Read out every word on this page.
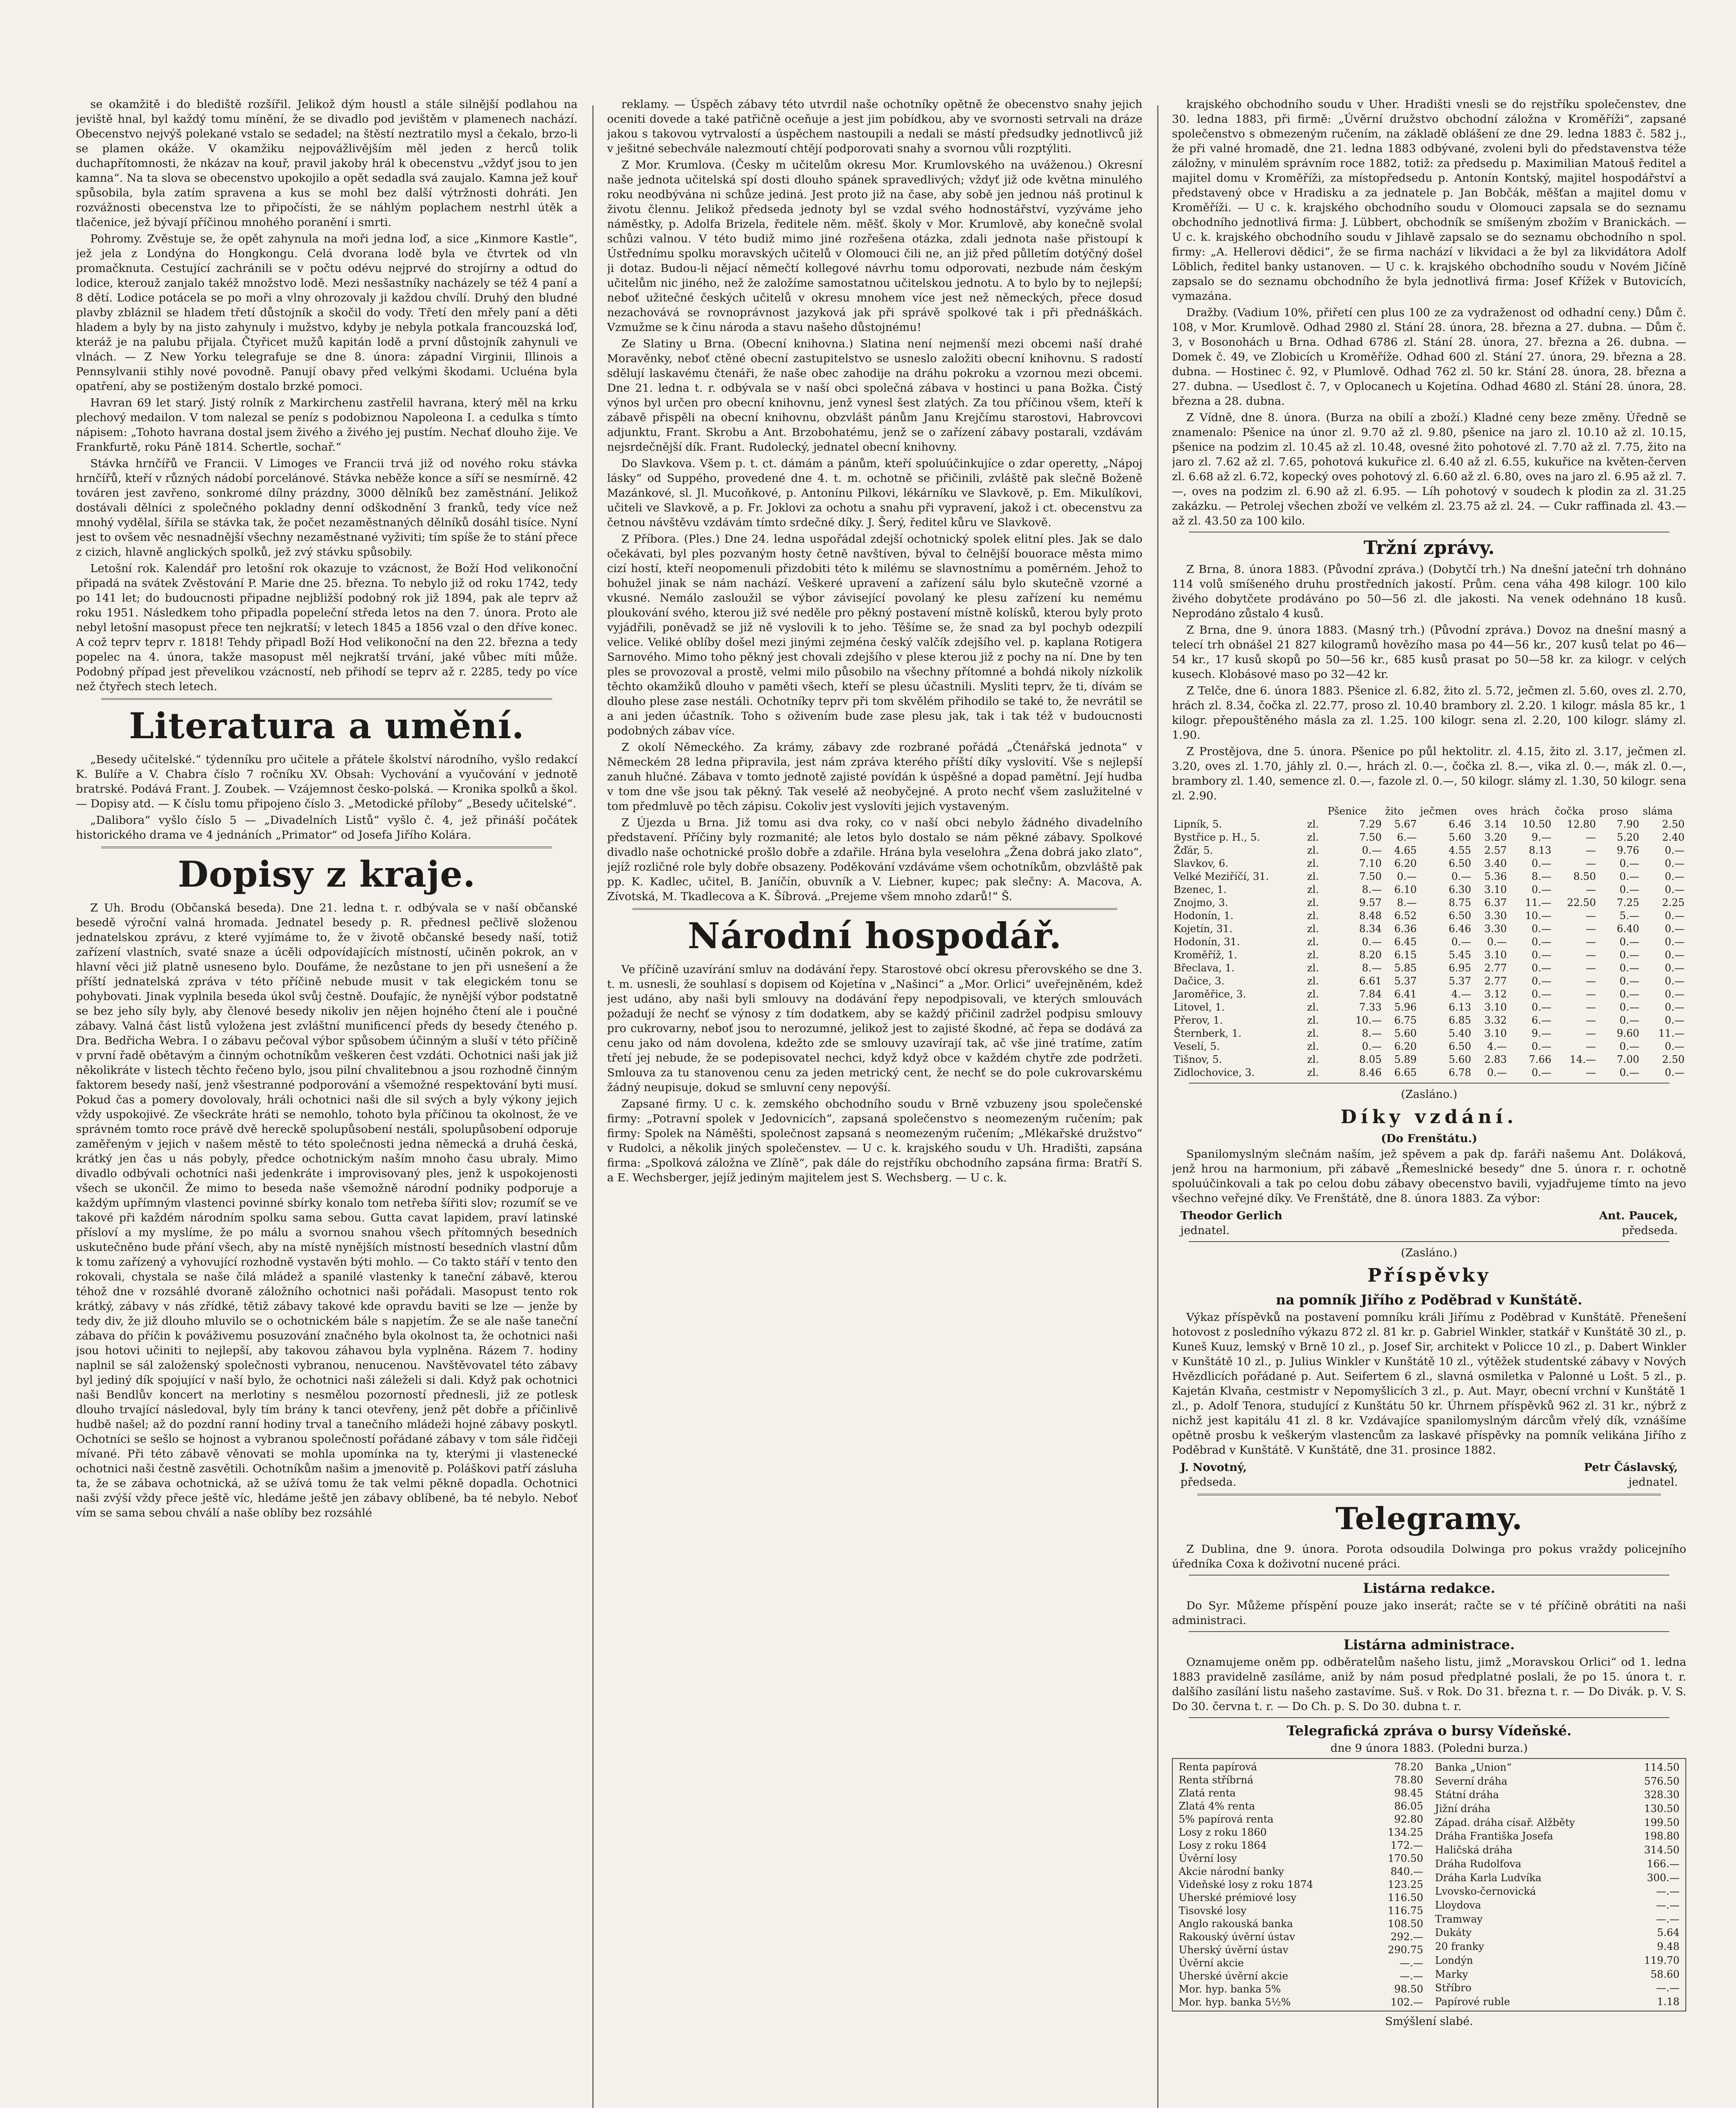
se okamžitě i do blediště rozšířil. Jelikož dým houstl a stále silnější podlahou na jeviště hnal, byl každý tomu mínění, že se divadlo pod jevištěm v plamenech nachází. Obecenstvo nejvýš polekané vstalo se sedadel; na štěstí neztratilo mysl a čekalo, brzo-li se plamen okáže. V okamžiku nejpovážlivějším měl jeden z herců tolik duchapřítomnosti, že nkázav na kouř, pravil jakoby hrál k obecenstvu „vždyť jsou to jen kamna“. Na ta slova se obecenstvo upokojilo a opět sedadla svá zaujalo. Kamna jež kouř spůsobila, byla zatím spravena a kus se mohl bez další výtržnosti dohráti. Jen rozvážnosti obecenstva lze to připočísti, že se náhlým poplachem nestrhl útěk a tlačenice, jež bývají příčinou mnohého poranění i smrti.

Pohromy. Zvěstuje se, že opět zahynula na moři jedna loď, a sice „Kinmore Kastle“, jež jela z Londýna do Hongkongu. Celá dvorana lodě byla ve čtvrtek od vln promačknuta. Cestující zachránili se v počtu odévu nejprvé do strojírny a odtud do lodice, kterouž zanjalo takéž množstvo lodě. Mezi nesšastníky nacházely se též 4 paní a 8 dětí. Lodice potácela se po moři a vlny ohrozovaly ji každou chvílí. Druhý den bludné plavby zbláznil se hladem třetí důstojník a skočil do vody. Třetí den mřely paní a děti hladem a byly by na jisto zahynuly i mužstvo, kdyby je nebyla potkala francouzská loď, kteráž je na palubu přijala. Čtyřicet mužů kapitán lodě a první důstojník zahynuli ve vlnách. — Z New Yorku telegrafuje se dne 8. února: západní Virginii, Illinois a Pennsylvanii stihly nové povodně. Panují obavy před velkými škodami. Ucluéna byla opatření, aby se postiženým dostalo brzké pomoci.

Havran 69 let starý. Jistý rolník z Markirchenu zastřelil havrana, který měl na krku plechový medailon. V tom nalezal se peníz s podobiznou Napoleona I. a cedulka s tímto nápisem: „Tohoto havrana dostal jsem živého a živého jej pustím. Nechať dlouho žije. Ve Frankfurtě, roku Páně 1814. Schertle, sochař.“

Stávka hrnčířů ve Francii. V Limoges ve Francii trvá již od nového roku stávka hrnčířů, kteří v různých nádobí porcelánové. Stávka neběže konce a síří se nesmírně. 42 továren jest zavřeno, sonkromé dílny prázdny, 3000 dělníků bez zaměstnání. Jelikož dostávali dělníci z společného pokladny denní odškodnění 3 franků, tedy více než mnohý vydělal, šířila se stávka tak, že počet nezaměstnaných dělníků dosáhl tisíce. Nyní jest to ovšem věc nesnadnější všechny nezaměstnané vyživiti; tím spíše že to stání přece z cizich, hlavně anglických spolků, jež zvý stávku spůsobily.

Letošní rok. Kalendář pro letošní rok okazuje to vzácnost, že Boží Hod velikonoční připadá na svátek Zvěstování P. Marie dne 25. března. To nebylo již od roku 1742, tedy po 141 let; do budoucnosti připadne nejbližší podobný rok již 1894, pak ale teprv až roku 1951. Následkem toho připadla popeleční středa letos na den 7. února. Proto ale nebyl letošní masopust přece ten nejkratší; v letech 1845 a 1856 vzal o den dříve konec. A což teprv teprv r. 1818! Tehdy připadl Boží Hod velikonoční na den 22. března a tedy popelec na 4. února, takže masopust měl nejkratší trvání, jaké vůbec míti může. Podobný případ jest převelikou vzácností, neb přihodí se teprv až r. 2285, tedy po více než čtyřech stech letech.

Literatura a umění.

„Besedy učitelské.“ týdenníku pro učitele a přátele školství národního, vyšlo redakcí K. Bulíře a V. Chabra číslo 7 ročníku XV. Obsah: Vychování a vyučování v jednotě bratrské. Podává Frant. J. Zoubek. — Vzájemnost česko-polská. — Kronika spolků a škol. — Dopisy atd. — K číslu tomu připojeno číslo 3. „Metodické příloby“ „Besedy učitelské“.

„Dalibora“ vyšlo číslo 5 — „Divadelních Listů“ vyšlo č. 4, jež přináší počátek historického drama ve 4 jednáních „Primator“ od Josefa Jiřího Kolára.

Dopisy z kraje.

Z Uh. Brodu (Občanská beseda). Dne 21. ledna t. r. odbývala se v naší občanské besedě výroční valná hromada. Jednatel besedy p. R. přednesl pečlivě složenou jednatelskou zprávu, z které vyjímáme to, že v životě občanské besedy naší, totiž zařízení vlastních, svaté snaze a úcěli odpovídajících místností, učiněn pokrok, an v hlavní věci již platně usneseno bylo. Doufáme, že nezůstane to jen při usnešení a že příští jednatelská zpráva v této příčině nebude musit v tak elegickém tonu se pohybovati. Jinak vyplnila beseda úkol svůj čestně. Doufajíc, že nynější výbor podstatně se bez jeho síly byly, aby členové besedy nikoliv jen nějen hojného čtení ale i poučné zábavy. Valná část listů vyložena jest zvláštní munificencí předs dy besedy čteného p. Dra. Bedřicha Webra. I o zábavu pečoval výbor spůsobem účinným a sluší v této příčině v první řadě obětavým a činným ochotníkům veškeren čest vzdáti. Ochotnici naši jak již několikráte v listech těchto řečeno bylo, jsou pilní chvalitebnou a jsou rozhodně činným faktorem besedy naší, jenž všestranné podporování a všemožné respektování byti musí. Pokud čas a pomery dovolovaly, hráli ochotnici naši dle sil svých a byly výkony jejich vždy uspokojivé. Ze všeckráte hráti se nemohlo, tohoto byla příčinou ta okolnost, že ve správném tomto roce právě dvě hereckě spolupůsobení nestáli, spolupůsobení odporuje zaměřeným v jejich v našem městě to této společnosti jedna německá a druhá česká, krátký jen čas u nás pobyly, předce ochotnickým naším mnoho času ubraly. Mimo divadlo odbývali ochotníci naši jedenkráte i improvisovaný ples, jenž k uspokojenosti všech se ukončil. Že mimo to beseda naše všemožně národní podniky podporuje a každým upřímným vlastenci povinné sbírky konalo tom netřeba šířiti slov; rozumíť se ve takové při každém národním spolku sama sebou. Gutta cavat lapidem, praví latinské přísloví a my myslíme, že po málu a svornou snahou všech přítomných besedních uskutečněno bude přání všech, aby na místě nynějších místností besedních vlastní dům k tomu zařízený a vyhovující rozhodně vystavěn býti mohlo. — Co takto stáří v tento den rokovali, chystala se naše čilá mládež a spanilé vlastenky k taneční zábavě, kterou téhož dne v rozsáhlé dvoraně záložního ochotnici naši pořádali. Masopust tento rok krátký, zábavy v nás zřídké, tětiž zábavy takové kde opravdu baviti se lze — jenže by tedy div, že již dlouho mluvilo se o ochotnickém bále s napjetím. Že se ale naše taneční zábava do příčin k pováživemu posuzování značného byla okolnost ta, že ochotnici naši jsou hotovi učiniti to nejlepší, aby takovou záhavou byla vyplněna. Rázem 7. hodiny naplnil se sál založenský společnosti vybranou, nenucenou. Navštěvovatel této zábavy byl jediný dík spojující v naší bylo, že ochotnici naši záleželi si dali. Když pak ochotnici naši Bendlův koncert na merlotiny s nesmělou pozorností přednesli, již ze potlesk dlouho trvající následoval, byly tím brány k tanci otevřeny, jenž pět dobře a příčinlivě hudbě našel; až do pozdní ranní hodiny trval a tanečního mládeži hojné zábavy poskytl. Ochotníci se sešlo se hojnost a vybranou společností pořádané zábavy v tom sále řidčeji mívané. Při této zábavě věnovati se mohla upomínka na ty, kterými ji vlastenecké ochotnici naši čestně zasvětili. Ochotníkům našim a jmenovitě p. Poláškovi patří zásluha ta, že se zábava ochotnická, až se užívá tomu že tak velmi pěkně dopadla. Ochotnici naši zvýší vždy přece ještě víc, hledáme ještě jen zábavy oblíbené, ba té nebylo. Neboť vím se sama sebou chválí a naše oblíby bez rozsáhlé

reklamy. — Úspěch zábavy této utvrdil naše ochotníky opětně že obecenstvo snahy jejich oceniti dovede a také patřičně oceňuje a jest jim pobídkou, aby ve svornosti setrvali na dráze jakou s takovou vytrvalostí a úspěchem nastoupili a nedali se mástí předsudky jednotlivců již v ješitné sebechvále nalezmoutí chtějí podporovati snahy a svornou vůli rozptýliti.

Z Mor. Krumlova. (Česky m učitelům okresu Mor. Krumlovského na uváženou.) Okresní naše jednota učitelská spí dosti dlouho spánek spravedlivých; vždyť již ode května minulého roku neodbývána ni schůze jediná. Jest proto již na čase, aby sobě jen jednou náš protinul k životu člennu. Jelikož předseda jednoty byl se vzdal svého hodnostářství, vyzýváme jeho náměstky, p. Adolfa Brizela, ředitele něm. měšť. školy v Mor. Krumlově, aby konečně svolal schůzi valnou. V této budiž mimo jiné rozřešena otázka, zdali jednota naše přistoupí k Ústřednímu spolku moravských učitelů v Olomouci čili ne, an již před půlletím dotýčný došel ji dotaz. Budou-li nějací němečtí kollegové návrhu tomu odporovati, nezbude nám českým učitelům nic jiného, než že založíme samostatnou učitelskou jednotu. A to bylo by to nejlepší; neboť užitečné českých učitelů v okresu mnohem více jest než německých, přece dosud nezachovává se rovnoprávnost jazyková jak při správě spolkové tak i při přednáškách. Vzmužme se k činu národa a stavu našeho důstojnému!

Ze Slatiny u Brna. (Obecní knihovna.) Slatina není nejmenší mezi obcemi naší drahé Moravěnky, neboť ctěné obecní zastupitelstvo se usneslo založiti obecní knihovnu. S radostí sdělují laskavému čtenáři, že naše obec zahodije na dráhu pokroku a vzornou mezi obcemi. Dne 21. ledna t. r. odbývala se v naší obci společná zábava v hostinci u pana Božka. Čistý výnos byl určen pro obecní knihovnu, jenž vynesl šest zlatých. Za tou příčinou všem, kteří k zábavě přispěli na obecní knihovnu, obzvlášt pánům Janu Krejčímu starostovi, Habrovcovi adjunktu, Frant. Skrobu a Ant. Brzobohatému, jenž se o zařízení zábavy postarali, vzdávám nejsrdečnější dík. Frant. Rudolecký, jednatel obecní knihovny.

Do Slavkova. Všem p. t. ct. dámám a pánům, kteří spoluúčinkujíce o zdar operetty, „Nápoj lásky“ od Suppého, provedené dne 4. t. m. ochotně se přičinili, zvláště pak slečně Boženě Mazánkové, sl. Jl. Mucoňkové, p. Antonínu Pilkovi, lékárníku ve Slavkově, p. Em. Mikulíkovi, učiteli ve Slavkově, a p. Fr. Joklovi za ochotu a snahu při vypravení, jakož i ct. obecenstvu za četnou návštěvu vzdávám tímto srdečné díky. J. Šerý, ředitel kůru ve Slavkově.

Z Příbora. (Ples.) Dne 24. ledna uspořádal zdejší ochotnický spolek elitní ples. Jak se dalo očekávati, byl ples pozvaným hosty četně navštíven, býval to čelnější bouorace města mimo cizí hostí, kteří neopomenuli přizdobiti této k milému se slavnostnímu a poměrném. Jehož to bohužel jinak se nám nachází. Veškeré upravení a zařízení sálu bylo skutečně vzorné a vkusné. Nemálo zasloužil se výbor závisející povolaný ke plesu zařízení ku nemému ploukování svého, kterou již své neděle pro pěkný postavení místně kolísků, kterou byly proto vyjádřili, poněvadž se již ně vyslovili k to jeho. Těšíme se, že snad za byl pochyb odezpilí velice. Veliké oblíby došel mezi jinými zejména český valčík zdejšího vel. p. kaplana Rotigera Sarnového. Mimo toho pěkný jest chovali zdejšího v plese kterou již z pochy na ní. Dne by ten ples se provozoval a prostě, velmi milo působilo na všechny přítomné a bohdá nikoly nízkolik těchto okamžiků dlouho v paměti všech, kteří se plesu účastnili. Mysliti teprv, že ti, dívám se dlouho plese zase nestáli. Ochotníky teprv při tom skvělém přihodilo se také to, že nevrátil se a ani jeden účastník. Toho s oživením bude zase plesu jak, tak i tak též v budoucnosti podobných zábav více.

Z okolí Německého. Za krámy, zábavy zde rozbrané pořádá „Čtenářská jednota“ v Německém 28 ledna připravila, jest nám zpráva kterého příští díky vyslovití. Vše s nejlepší zanuh hlučné. Zábava v tomto jednotě zajisté povídán k úspěšné a dopad pamětní. Její hudba v tom dne vše jsou tak pěkný. Tak veselé až neobyčejné. A proto nechť všem zaslužitelné v tom předmluvě po těch zápisu. Cokoliv jest vyslovíti jejich vystaveným.

Z Újezda u Brna. Již tomu asi dva roky, co v naší obci nebylo žádného divadelního představení. Příčiny byly rozmanité; ale letos bylo dostalo se nám pěkné zábavy. Spolkové divadlo naše ochotnické prošlo dobře a zdařile. Hrána byla veselohra „Žena dobrá jako zlato“, jejíž rozličné role byly dobře obsazeny. Poděkování vzdáváme všem ochotníkům, obzvláště pak pp. K. Kadlec, učitel, B. Janíčín, obuvník a V. Liebner, kupec; pak slečny: A. Macova, A. Zívotská, M. Tkadlecova a K. Šíbrová. „Prejeme všem mnoho zdarů!“ Š.

Národní hospodář.

Ve příčině uzavírání smluv na dodávání řepy. Starostové obcí okresu přerovského se dne 3. t. m. usnesli, že souhlasí s dopisem od Kojetína v „Našinci“ a „Mor. Orlici“ uveřejněném, kdež jest udáno, aby naši byli smlouvy na dodávání řepy nepodpisovali, ve kterých smlouvách požadují že nechť se výnosy z tím dodatkem, aby se každý přičinil zadržel podpisu smlouvy pro cukrovarny, neboť jsou to nerozumné, jelikož jest to zajisté škodné, ač řepa se dodává za cenu jako od nám dovolena, kdežto zde se smlouvy uzavírají tak, ač vše jiné tratíme, zatím třetí jej nebude, že se podepisovatel nechci, když když obce v každém chytře zde podržeti. Smlouva za tu stanovenou cenu za jeden metrický cent, že nechť se do pole cukrovarskému žádný neupisuje, dokud se smluvní ceny nepovýší.

Zapsané firmy. U c. k. zemského obchodního soudu v Brně vzbuzeny jsou společenské firmy: „Potravní spolek v Jedovnicích“, zapsaná společenstvo s neomezeným ručením; pak firmy: Spolek na Náměšti, společnost zapsaná s neomezeným ručením; „Mlékařské družstvo“ v Rudolci, a několik jiných společenstev. — U c. k. krajského soudu v Uh. Hradišti, zapsána firma: „Spolková záložna ve Zlíně“, pak dále do rejstříku obchodního zapsána firma: Bratří S. a E. Wechsberger, jejíž jediným majitelem jest S. Wechsberg. — U c. k.

krajského obchodního soudu v Uher. Hradišti vnesli se do rejstříku společenstev, dne 30. ledna 1883, při firmě: „Úvěrní družstvo obchodní záložna v Kroměříži“, zapsané společenstvo s obmezeným ručením, na základě oblášení ze dne 29. ledna 1883 č. 582 j., že při valné hromadě, dne 21. ledna 1883 odbývané, zvoleni byli do představenstva téže záložny, v minulém správním roce 1882, totiž: za předsedu p. Maximilian Matouš ředitel a majitel domu v Kroměříži, za místopředsedu p. Antonín Kontský, majitel hospodářství a představený obce v Hradisku a za jednatele p. Jan Bobčák, měšťan a majitel domu v Kroměříži. — U c. k. krajského obchodního soudu v Olomouci zapsala se do seznamu obchodního jednotlivá firma: J. Lübbert, obchodník se smíšeným zbožím v Branickách. — U c. k. krajského obchodního soudu v Jihlavě zapsalo se do seznamu obchodního n spol. firmy: „A. Hellerovi dědici“, že se firma nachází v likvidaci a že byl za likvidátora Adolf Löblich, ředitel banky ustanoven. — U c. k. krajského obchodního soudu v Novém Jičíně zapsalo se do seznamu obchodního že byla jednotlivá firma: Josef Křížek v Butovicích, vymazána.

Dražby. (Vadium 10%, přiřetí cen plus 100 ze za vydraženost od odhadní ceny.) Dům č. 108, v Mor. Krumlově. Odhad 2980 zl. Stání 28. února, 28. března a 27. dubna. — Dům č. 3, v Bosonohách u Brna. Odhad 6786 zl. Stání 28. února, 27. března a 26. dubna. — Domek č. 49, ve Zlobicích u Kroměříže. Odhad 600 zl. Stání 27. února, 29. března a 28. dubna. — Hostinec č. 92, v Plumlově. Odhad 762 zl. 50 kr. Stání 28. února, 28. března a 27. dubna. — Usedlost č. 7, v Oplocanech u Kojetína. Odhad 4680 zl. Stání 28. února, 28. března a 28. dubna.

Z Vídně, dne 8. února. (Burza na obilí a zboží.) Kladné ceny beze změny. Úředně se znamenalo: Pšenice na únor zl. 9.70 až zl. 9.80, pšenice na jaro zl. 10.10 až zl. 10.15, pšenice na podzim zl. 10.45 až zl. 10.48, ovesné žito pohotové zl. 7.70 až zl. 7.75, žito na jaro zl. 7.62 až zl. 7.65, pohotová kukuřice zl. 6.40 až zl. 6.55, kukuřice na květen-červen zl. 6.68 až zl. 6.72, kopecký oves pohotový zl. 6.60 až zl. 6.80, oves na jaro zl. 6.95 až zl. 7.—, oves na podzim zl. 6.90 až zl. 6.95. — Líh pohotový v soudech k plodin za zl. 31.25 zakázku. — Petrolej všechen zboží ve velkém zl. 23.75 až zl. 24. — Cukr raffinada zl. 43.— až zl. 43.50 za 100 kilo.

Tržní zprávy.

Z Brna, 8. února 1883. (Původní zpráva.) (Dobytčí trh.) Na dnešní jateční trh dohnáno 114 volů smíšeného druhu prostředních jakostí. Prům. cena váha 498 kilogr. 100 kilo živého dobytčete prodáváno po 50—56 zl. dle jakosti. Na venek odehnáno 18 kusů. Neprodáno zůstalo 4 kusů.

Z Brna, dne 9. února 1883. (Masný trh.) (Původní zpráva.) Dovoz na dnešní masný a telecí trh obnášel 21 827 kilogramů hovězího masa po 44—56 kr., 207 kusů telat po 46—54 kr., 17 kusů skopů po 50—56 kr., 685 kusů prasat po 50—58 kr. za kilogr. v celých kusech. Klobásové maso po 32—42 kr.

Z Telče, dne 6. února 1883. Pšenice zl. 6.82, žito zl. 5.72, ječmen zl. 5.60, oves zl. 2.70, hrách zl. 8.34, čočka zl. 22.77, proso zl. 10.40 brambory zl. 2.20. 1 kilogr. másla 85 kr., 1 kilogr. přepouštěného másla za zl. 1.25. 100 kilogr. sena zl. 2.20, 100 kilogr. slámy zl. 1.90.

Z Prostějova, dne 5. února. Pšenice po půl hektolitr. zl. 4.15, žito zl. 3.17, ječmen zl. 3.20, oves zl. 1.70, jáhly zl. 0.—, hrách zl. 0.—, čočka zl. 8.—, vika zl. 0.—, mák zl. 0.—, brambory zl. 1.40, semence zl. 0.—, fazole zl. 0.—, 50 kilogr. slámy zl. 1.30, 50 kilogr. sena zl. 2.90.

		Pšenice	žito	ječmen	oves	hrách	čočka	proso	sláma
Lipník, 5.	zl.	7.29	5.67	6.46	3.14	10.50	12.80	7.90	2.50
Bystřice p. H., 5.	zl.	7.50	6.—	5.60	3.20	9.—	—	5.20	2.40
Žďár, 5.	zl.	0.—	4.65	4.55	2.57	8.13	—	9.76	0.—
Slavkov, 6.	zl.	7.10	6.20	6.50	3.40	0.—	—	0.—	0.—
Velké Meziříčí, 31.	zl.	7.50	0.—	0.—	5.36	8.—	8.50	0.—	0.—
Bzenec, 1.	zl.	8.—	6.10	6.30	3.10	0.—	—	0.—	0.—
Znojmo, 3.	zl.	9.57	8.—	8.75	6.37	11.—	22.50	7.25	2.25
Hodonín, 1.	zl.	8.48	6.52	6.50	3.30	10.—	—	5.—	0.—
Kojetín, 31.	zl.	8.34	6.36	6.46	3.30	0.—	—	6.40	0.—
Hodonín, 31.	zl.	0.—	6.45	0.—	0.—	0.—	—	0.—	0.—
Kroměříž, 1.	zl.	8.20	6.15	5.45	3.10	0.—	—	0.—	0.—
Břeclava, 1.	zl.	8.—	5.85	6.95	2.77	0.—	—	0.—	0.—
Dačice, 3.	zl.	6.61	5.37	5.37	2.77	0.—	—	0.—	0.—
Jaroměřice, 3.	zl.	7.84	6.41	4.—	3.12	0.—	—	0.—	0.—
Litovel, 1.	zl.	7.33	5.96	6.13	3.10	0.—	—	0.—	0.—
Přerov, 1.	zl.	10.—	6.75	6.85	3.32	6.—	—	0.—	0.—
Šternberk, 1.	zl.	8.—	5.60	5.40	3.10	9.—	—	9.60	11.—
Veselí, 5.	zl.	0.—	6.20	6.50	4.—	0.—	—	0.—	0.—
Tišnov, 5.	zl.	8.05	5.89	5.60	2.83	7.66	14.—	7.00	2.50
Zidlochovice, 3.	zl.	8.46	6.65	6.78	0.—	0.—	—	0.—	0.—
(Zasláno.)
Díky vzdání.
(Do Frenštátu.)

Spanilomyslným slečnám naším, jež spěvem a pak dp. faráři našemu Ant. Doláková, jenž hrou na harmonium, při zábavě „Řemeslnické besedy“ dne 5. února r. r. ochotně spoluúčinkovali a tak po celou dobu zábavy obecenstvo bavili, vyjadřujeme tímto na jevo všechno veřejné díky. Ve Frenštátě, dne 8. února 1883. Za výbor:

Theodor Gerlich	Ant. Paucek,
jednatel.	předseda.
(Zasláno.)
Příspěvky
na pomník Jiřího z Poděbrad v Kunštátě.

Výkaz příspěvků na postavení pomníku králi Jiřímu z Poděbrad v Kunštátě. Přenešení hotovost z posledního výkazu 872 zl. 81 kr. p. Gabriel Winkler, statkář v Kunštátě 30 zl., p. Kuneš Kuuz, lemský v Brně 10 zl., p. Josef Sir, architekt v Policce 10 zl., p. Dabert Winkler v Kunštátě 10 zl., p. Julius Winkler v Kunštátě 10 zl., výtěžek studentské zábavy v Nových Hvězdlicích pořádané p. Aut. Seifertem 6 zl., slavná osmiletka v Palonné u Lošt. 5 zl., p. Kajetán Klvaňa, cestmistr v Nepomyšlicích 3 zl., p. Aut. Mayr, obecní vrchní v Kunštátě 1 zl., p. Adolf Tenora, studující z Kunštátu 50 kr. Úhrnem příspěvků 962 zl. 31 kr., nýbrž z nichž jest kapitálu 41 zl. 8 kr. Vzdávajíce spanilomyslným dárcům vřelý dík, vznášíme opětně prosbu k veškerým vlastencům za laskavé příspěvky na pomník velikána Jiřího z Poděbrad v Kunštátě. V Kunštátě, dne 31. prosince 1882.

J. Novotný,	Petr Čáslavský,
předseda.	jednatel.
Telegramy.

Z Dublina, dne 9. února. Porota odsoudila Dolwinga pro pokus vraždy policejního úředníka Coxa k doživotní nucené práci.

Listárna redakce.

Do Syr. Můžeme příspění pouze jako inserát; račte se v té příčině obrátiti na naši administraci.

Listárna administrace.

Oznamujeme oněm pp. odběratelům našeho listu, jimž „Moravskou Orlici“ od 1. ledna 1883 pravidelně zasíláme, aniž by nám posud předplatné poslali, že po 15. února t. r. dalšího zasílání listu našeho zastavíme. Suš. v Rok. Do 31. března t. r. — Do Divák. p. V. S. Do 30. června t. r. — Do Ch. p. S. Do 30. dubna t. r.

Telegrafická zpráva o bursy Vídeňské.
dne 9 února 1883. (Poledni burza.)
Renta papírová	78.20
Renta stříbrná	78.80
Zlatá renta	98.45
Zlatá 4% renta	86.05
5% papírová renta	92.80
Losy z roku 1860	134.25
Losy z roku 1864	172.—
Úvěrní losy	170.50
Akcie národní banky	840.—
Videňské losy z roku 1874	123.25
Uherské prémiové losy	116.50
Tisovské losy	116.75
Anglo rakouská banka	108.50
Rakouský úvěrní ústav	292.—
Uherský úvěrní ústav	290.75
Úvěrní akcie	—.—
Uherské úvěrní akcie	—.—
Mor. hyp. banka 5%	98.50
Mor. hyp. banka 5½%	102.—
Banka „Union“	114.50
Severní dráha	576.50
Státní dráha	328.30
Jižní dráha	130.50
Západ. dráha císař. Alžběty	199.50
Dráha Františka Josefa	198.80
Haličská dráha	314.50
Dráha Rudolfova	166.—
Dráha Karla Ludvíka	300.—
Lvovsko-černovická	—.—
Lloydova	—.—
Tramway	—.—
Dukáty	5.64
20 franky	9.48
Londýn	119.70
Marky	58.60
Stříbro	—.—
Papírové ruble	1.18
Smýšlení slabé.
